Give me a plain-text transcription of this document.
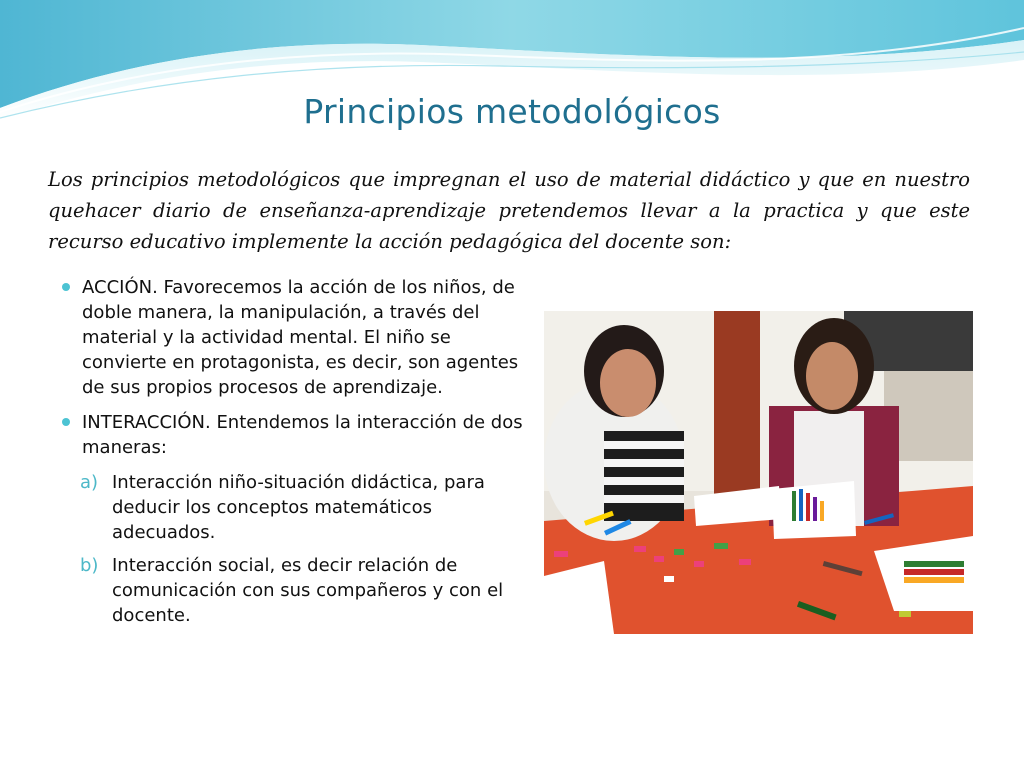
Principios metodológicos

Los principios metodológicos que impregnan el uso de material didáctico y que en nuestro quehacer diario de enseñanza-aprendizaje pretendemos llevar a la practica y que este recurso educativo implemente la acción pedagógica del docente son:

ACCIÓN. Favorecemos la acción de los niños, de doble manera, la manipulación, a través del material y la actividad mental. El niño se convierte en protagonista, es decir, son agentes de sus propios procesos de aprendizaje.
INTERACCIÓN. Entendemos la interacción de dos maneras:
a) Interacción niño-situación didáctica, para deducir los conceptos matemáticos adecuados.
b) Interacción social, es decir relación de comunicación con sus compañeros y con el docente.
